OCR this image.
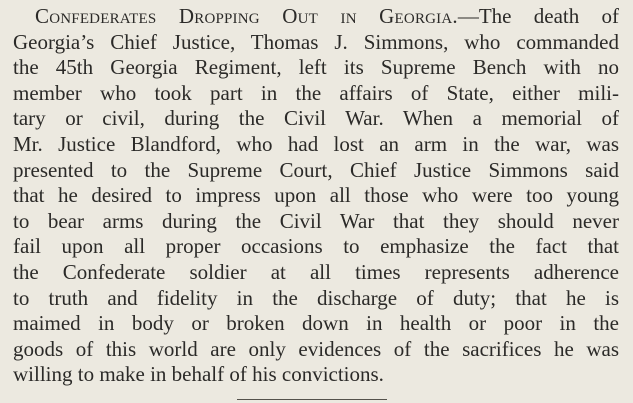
Confederates Dropping Out in Georgia.—The death of
Georgia’s Chief Justice, Thomas J. Simmons, who commanded
the 45th Georgia Regiment, left its Supreme Bench with no
member who took part in the affairs of State, either mili-
tary or civil, during the Civil War. When a memorial of
Mr. Justice Blandford, who had lost an arm in the war, was
presented to the Supreme Court, Chief Justice Simmons said
that he desired to impress upon all those who were too young
to bear arms during the Civil War that they should never
fail upon all proper occasions to emphasize the fact that
the Confederate soldier at all times represents adherence
to truth and fidelity in the discharge of duty; that he is
maimed in body or broken down in health or poor in the
goods of this world are only evidences of the sacrifices he was
willing to make in behalf of his convictions.
